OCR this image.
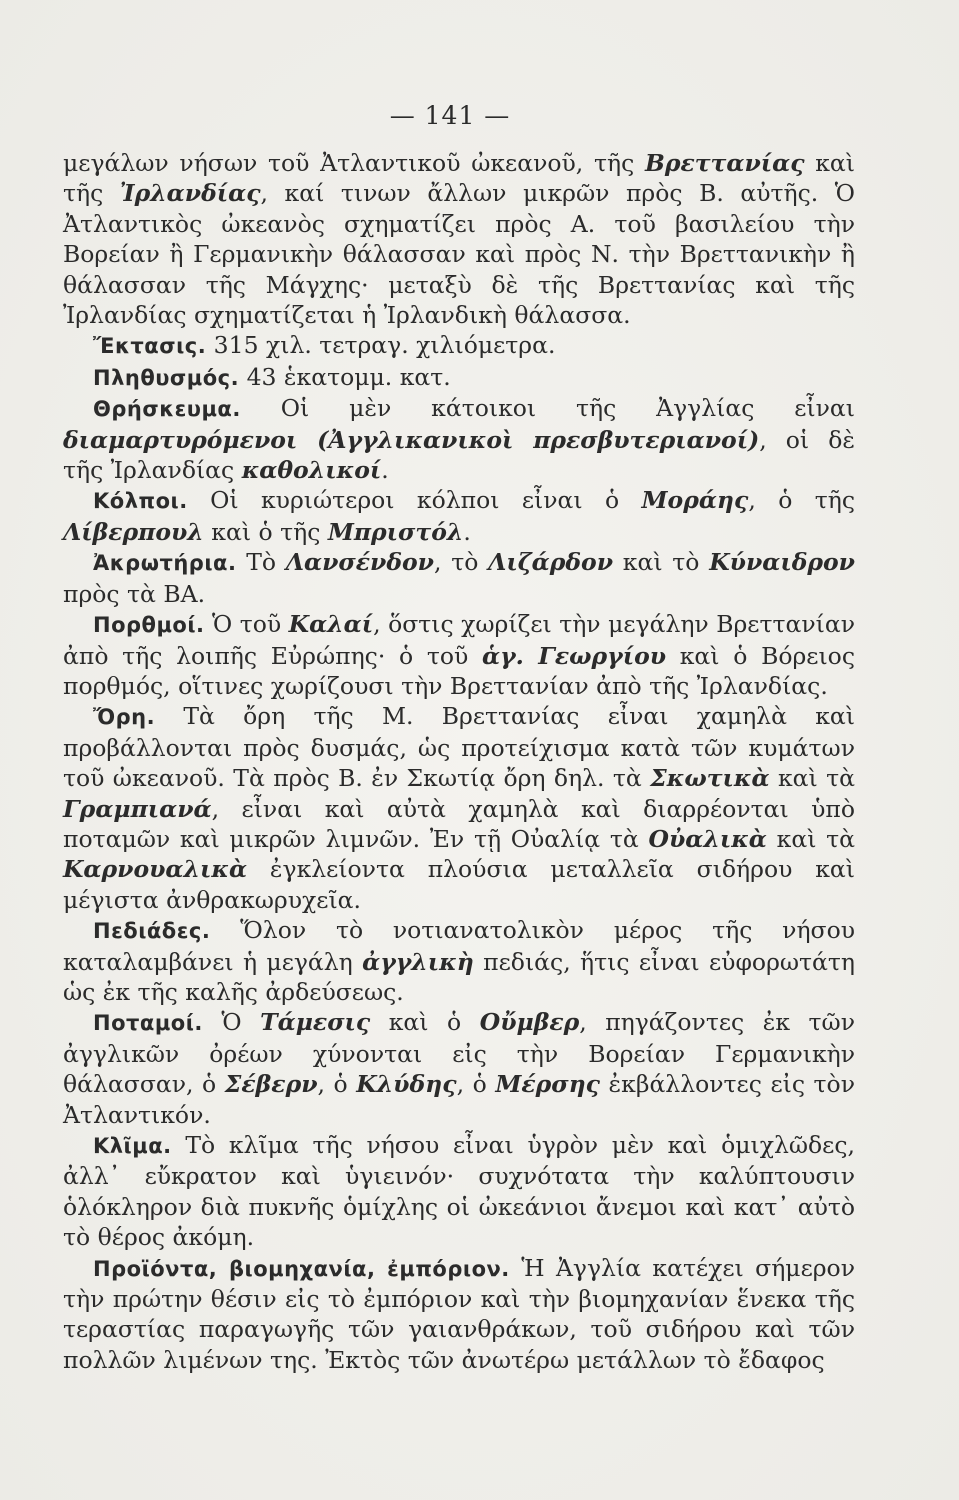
— 141 —

μεγάλων νήσων τοῦ Ἀτλαντικοῦ ὠκεανοῦ, τῆς Βρεττανίας καὶ τῆς Ἰρλανδίας, καί τινων ἄλλων μικρῶν πρὸς Β. αὐτῆς. Ὁ Ἀτλαντικὸς ὠκεανὸς σχηματίζει πρὸς Α. τοῦ βασιλείου τὴν Βορείαν ἢ Γερμανικὴν θάλασσαν καὶ πρὸς Ν. τὴν Βρεττανικὴν ἢ θάλασσαν τῆς Μάγχης· μεταξὺ δὲ τῆς Βρεττανίας καὶ τῆς Ἰρλανδίας σχηματίζεται ἡ Ἰρλανδικὴ θάλασσα.

Ἔκτασις. 315 χιλ. τετραγ. χιλιόμετρα.

Πληθυσμός. 43 ἑκατομμ. κατ.

Θρήσκευμα. Οἱ μὲν κάτοικοι τῆς Ἀγγλίας εἶναι διαμαρτυρόμενοι (Ἀγγλικανικοὶ πρεσβυτεριανοί), οἱ δὲ τῆς Ἰρλανδίας καθολικοί.

Κόλποι. Οἱ κυριώτεροι κόλποι εἶναι ὁ Μοράης, ὁ τῆς Λίβερπουλ καὶ ὁ τῆς Μπριστόλ.

Ἀκρωτήρια. Τὸ Λανσένδον, τὸ Λιζάρδον καὶ τὸ Κύναιδρον πρὸς τὰ ΒΑ.

Πορθμοί. Ὁ τοῦ Καλαί, ὅστις χωρίζει τὴν μεγάλην Βρεττανίαν ἀπὸ τῆς λοιπῆς Εὐρώπης· ὁ τοῦ ἁγ. Γεωργίου καὶ ὁ Βόρειος πορθμός, οἵτινες χωρίζουσι τὴν Βρεττανίαν ἀπὸ τῆς Ἰρλανδίας.

Ὄρη. Τὰ ὄρη τῆς Μ. Βρεττανίας εἶναι χαμηλὰ καὶ προβάλλονται πρὸς δυσμάς, ὡς προτείχισμα κατὰ τῶν κυμάτων τοῦ ὠκεανοῦ. Τὰ πρὸς Β. ἐν Σκωτίᾳ ὄρη δηλ. τὰ Σκωτικὰ καὶ τὰ Γραμπιανά, εἶναι καὶ αὐτὰ χαμηλὰ καὶ διαρρέονται ὑπὸ ποταμῶν καὶ μικρῶν λιμνῶν. Ἐν τῇ Οὐαλίᾳ τὰ Οὐαλικὰ καὶ τὰ Καρνουαλικὰ ἐγκλείοντα πλούσια μεταλλεῖα σιδήρου καὶ μέγιστα ἀνθρακωρυχεῖα.

Πεδιάδες. Ὅλον τὸ νοτιανατολικὸν μέρος τῆς νήσου καταλαμβάνει ἡ μεγάλη ἀγγλικὴ πεδιάς, ἥτις εἶναι εὐφορωτάτη ὡς ἐκ τῆς καλῆς ἀρδεύσεως.

Ποταμοί. Ὁ Τάμεσις καὶ ὁ Οὔμβερ, πηγάζοντες ἐκ τῶν ἀγγλικῶν ὀρέων χύνονται εἰς τὴν Βορείαν Γερμανικὴν θάλασσαν, ὁ Σέβερν, ὁ Κλύδης, ὁ Μέρσης ἐκβάλλοντες εἰς τὸν Ἀτλαντικόν.

Κλῖμα. Τὸ κλῖμα τῆς νήσου εἶναι ὑγρὸν μὲν καὶ ὁμιχλῶδες, ἀλλ᾽ εὔκρατον καὶ ὑγιεινόν· συχνότατα τὴν καλύπτουσιν ὁλόκληρον διὰ πυκνῆς ὁμίχλης οἱ ὠκεάνιοι ἄνεμοι καὶ κατ᾽ αὐτὸ τὸ θέρος ἀκόμη.

Προϊόντα, βιομηχανία, ἐμπόριον. Ἡ Ἀγγλία κατέχει σήμερον τὴν πρώτην θέσιν εἰς τὸ ἐμπόριον καὶ τὴν βιομηχανίαν ἕνεκα τῆς τεραστίας παραγωγῆς τῶν γαιανθράκων, τοῦ σιδήρου καὶ τῶν πολλῶν λιμένων της. Ἐκτὸς τῶν ἀνωτέρω μετάλλων τὸ ἔδαφος
